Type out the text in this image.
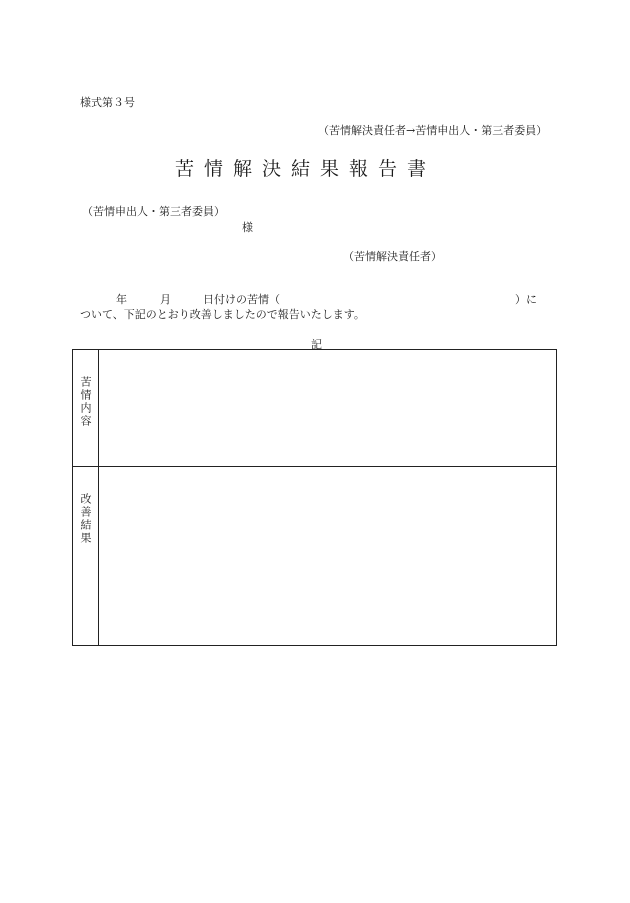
様式第３号
（苦情解決責任者→苦情申出人・第三者委員）
苦情解決結果報告書
（苦情申出人・第三者委員）
様
（苦情解決責任者）
年	月	日付けの苦情（	）に
ついて、下記のとおり改善しましたので報告いたします。
記
苦情内容	
改善結果	
